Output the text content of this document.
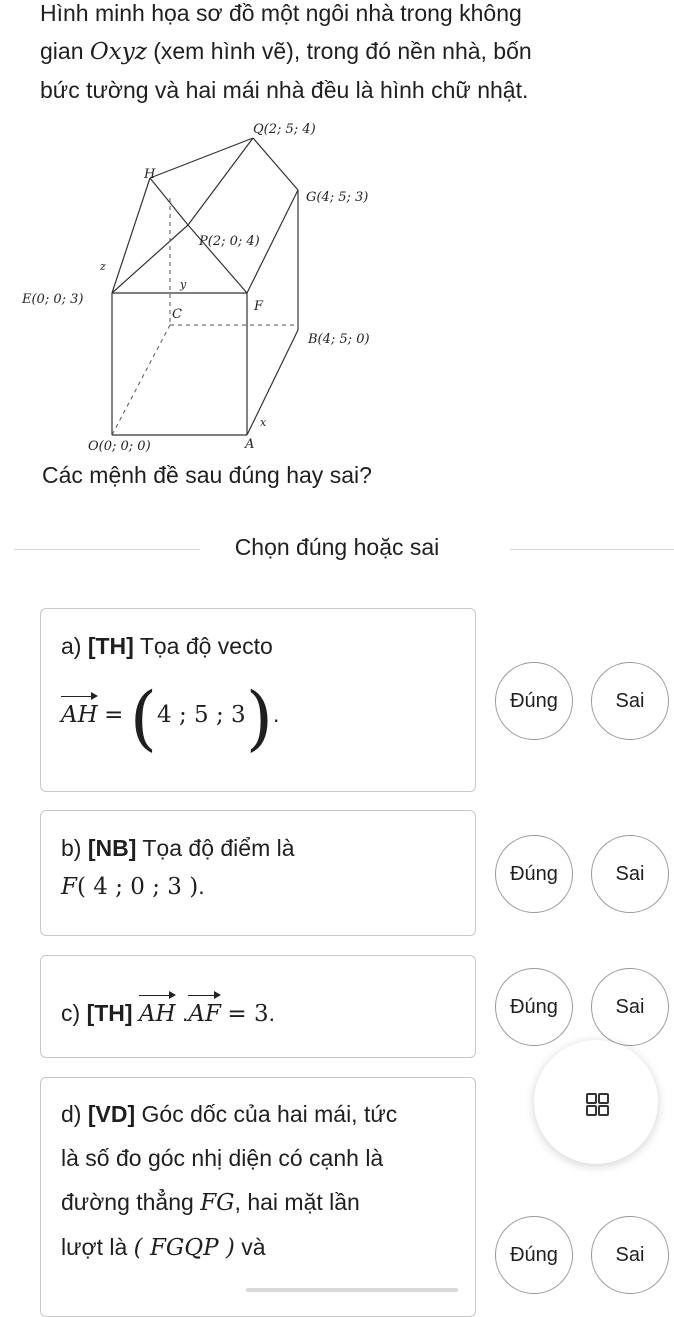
Hình minh họa sơ đồ một ngôi nhà trong không
gian Oxyz (xem hình vẽ), trong đó nền nhà, bốn
bức tường và hai mái nhà đều là hình chữ nhật.
Q(2; 5; 4)
H
G(4; 5; 3)
P(2; 0; 4)
z
y
E(0; 0; 3)	F
C
B(4; 5; 0)
x
O(0; 0; 0)	A
Các mệnh đề sau đúng hay sai?
Chọn đúng hoặc sai
a) [TH] Tọa độ vecto
AH = (4 ; 5 ; 3).
Đúng	Sai
b) [NB] Tọa độ điểm là
F( 4 ; 0 ; 3 ).	Đúng	Sai
c) [TH] AH .AF = 3.	Đúng	Sai
d) [VD] Góc dốc của hai mái, tức
là số đo góc nhị diện có cạnh là
đường thẳng FG, hai mặt lần
lượt là ( FGQP ) và	Đúng	Sai
